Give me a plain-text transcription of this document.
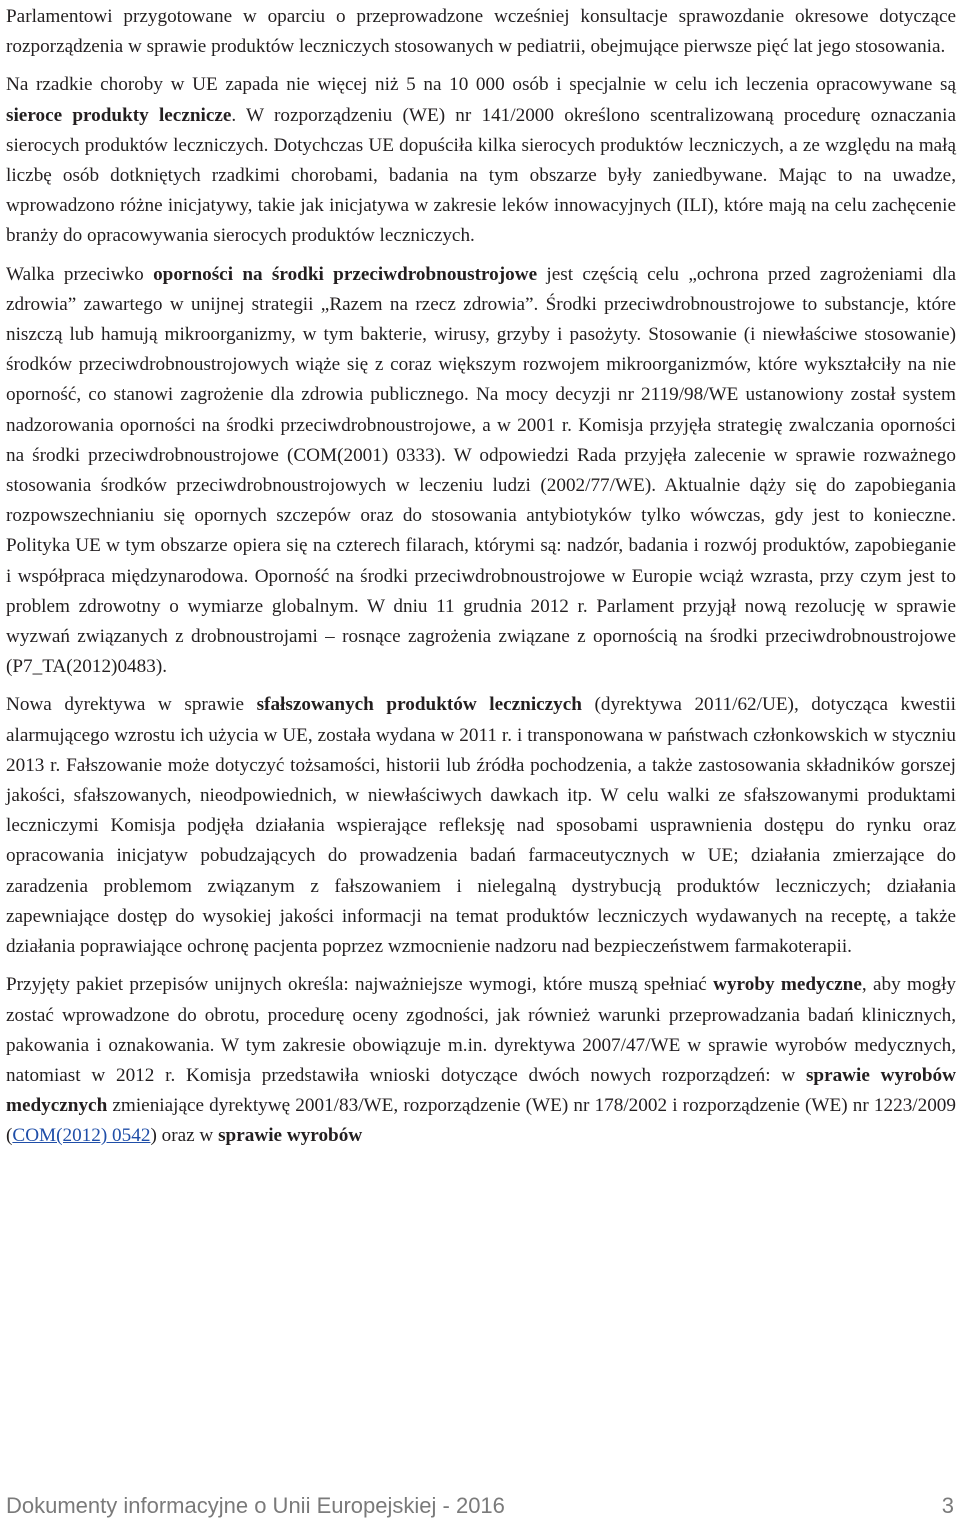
Parlamentowi przygotowane w oparciu o przeprowadzone wcześniej konsultacje sprawozdanie okresowe dotyczące rozporządzenia w sprawie produktów leczniczych stosowanych w pediatrii, obejmujące pierwsze pięć lat jego stosowania.

Na rzadkie choroby w UE zapada nie więcej niż 5 na 10 000 osób i specjalnie w celu ich leczenia opracowywane są sieroce produkty lecznicze. W rozporządzeniu (WE) nr 141/2000 określono scentralizowaną procedurę oznaczania sierocych produktów leczniczych. Dotychczas UE dopuściła kilka sierocych produktów leczniczych, a ze względu na małą liczbę osób dotkniętych rzadkimi chorobami, badania na tym obszarze były zaniedbywane. Mając to na uwadze, wprowadzono różne inicjatywy, takie jak inicjatywa w zakresie leków innowacyjnych (ILI), które mają na celu zachęcenie branży do opracowywania sierocych produktów leczniczych.

Walka przeciwko oporności na środki przeciwdrobnoustrojowe jest częścią celu „ochrona przed zagrożeniami dla zdrowia” zawartego w unijnej strategii „Razem na rzecz zdrowia”. Środki przeciwdrobnoustrojowe to substancje, które niszczą lub hamują mikroorganizmy, w tym bakterie, wirusy, grzyby i pasożyty. Stosowanie (i niewłaściwe stosowanie) środków przeciwdrobnoustrojowych wiąże się z coraz większym rozwojem mikroorganizmów, które wykształciły na nie oporność, co stanowi zagrożenie dla zdrowia publicznego. Na mocy decyzji nr 2119/98/WE ustanowiony został system nadzorowania oporności na środki przeciwdrobnoustrojowe, a w 2001 r. Komisja przyjęła strategię zwalczania oporności na środki przeciwdrobnoustrojowe (COM(2001) 0333). W odpowiedzi Rada przyjęła zalecenie w sprawie rozważnego stosowania środków przeciwdrobnoustrojowych w leczeniu ludzi (2002/77/WE). Aktualnie dąży się do zapobiegania rozpowszechnianiu się opornych szczepów oraz do stosowania antybiotyków tylko wówczas, gdy jest to konieczne. Polityka UE w tym obszarze opiera się na czterech filarach, którymi są: nadzór, badania i rozwój produktów, zapobieganie i współpraca międzynarodowa. Oporność na środki przeciwdrobnoustrojowe w Europie wciąż wzrasta, przy czym jest to problem zdrowotny o wymiarze globalnym. W dniu 11 grudnia 2012 r. Parlament przyjął nową rezolucję w sprawie wyzwań związanych z drobnoustrojami – rosnące zagrożenia związane z opornością na środki przeciwdrobnoustrojowe (P7_TA(2012)0483).

Nowa dyrektywa w sprawie sfałszowanych produktów leczniczych (dyrektywa 2011/62/UE), dotycząca kwestii alarmującego wzrostu ich użycia w UE, została wydana w 2011 r. i transponowana w państwach członkowskich w styczniu 2013 r. Fałszowanie może dotyczyć tożsamości, historii lub źródła pochodzenia, a także zastosowania składników gorszej jakości, sfałszowanych, nieodpowiednich, w niewłaściwych dawkach itp. W celu walki ze sfałszowanymi produktami leczniczymi Komisja podjęła działania wspierające refleksję nad sposobami usprawnienia dostępu do rynku oraz opracowania inicjatyw pobudzających do prowadzenia badań farmaceutycznych w UE; działania zmierzające do zaradzenia problemom związanym z fałszowaniem i nielegalną dystrybucją produktów leczniczych; działania zapewniające dostęp do wysokiej jakości informacji na temat produktów leczniczych wydawanych na receptę, a także działania poprawiające ochronę pacjenta poprzez wzmocnienie nadzoru nad bezpieczeństwem farmakoterapii.

Przyjęty pakiet przepisów unijnych określa: najważniejsze wymogi, które muszą spełniać wyroby medyczne, aby mogły zostać wprowadzone do obrotu, procedurę oceny zgodności, jak również warunki przeprowadzania badań klinicznych, pakowania i oznakowania. W tym zakresie obowiązuje m.in. dyrektywa 2007/47/WE w sprawie wyrobów medycznych, natomiast w 2012 r. Komisja przedstawiła wnioski dotyczące dwóch nowych rozporządzeń: w sprawie wyrobów medycznych zmieniające dyrektywę 2001/83/WE, rozporządzenie (WE) nr 178/2002 i rozporządzenie (WE) nr 1223/2009 (COM(2012) 0542) oraz w sprawie wyrobów

Dokumenty informacyjne o Unii Europejskiej - 2016	3
